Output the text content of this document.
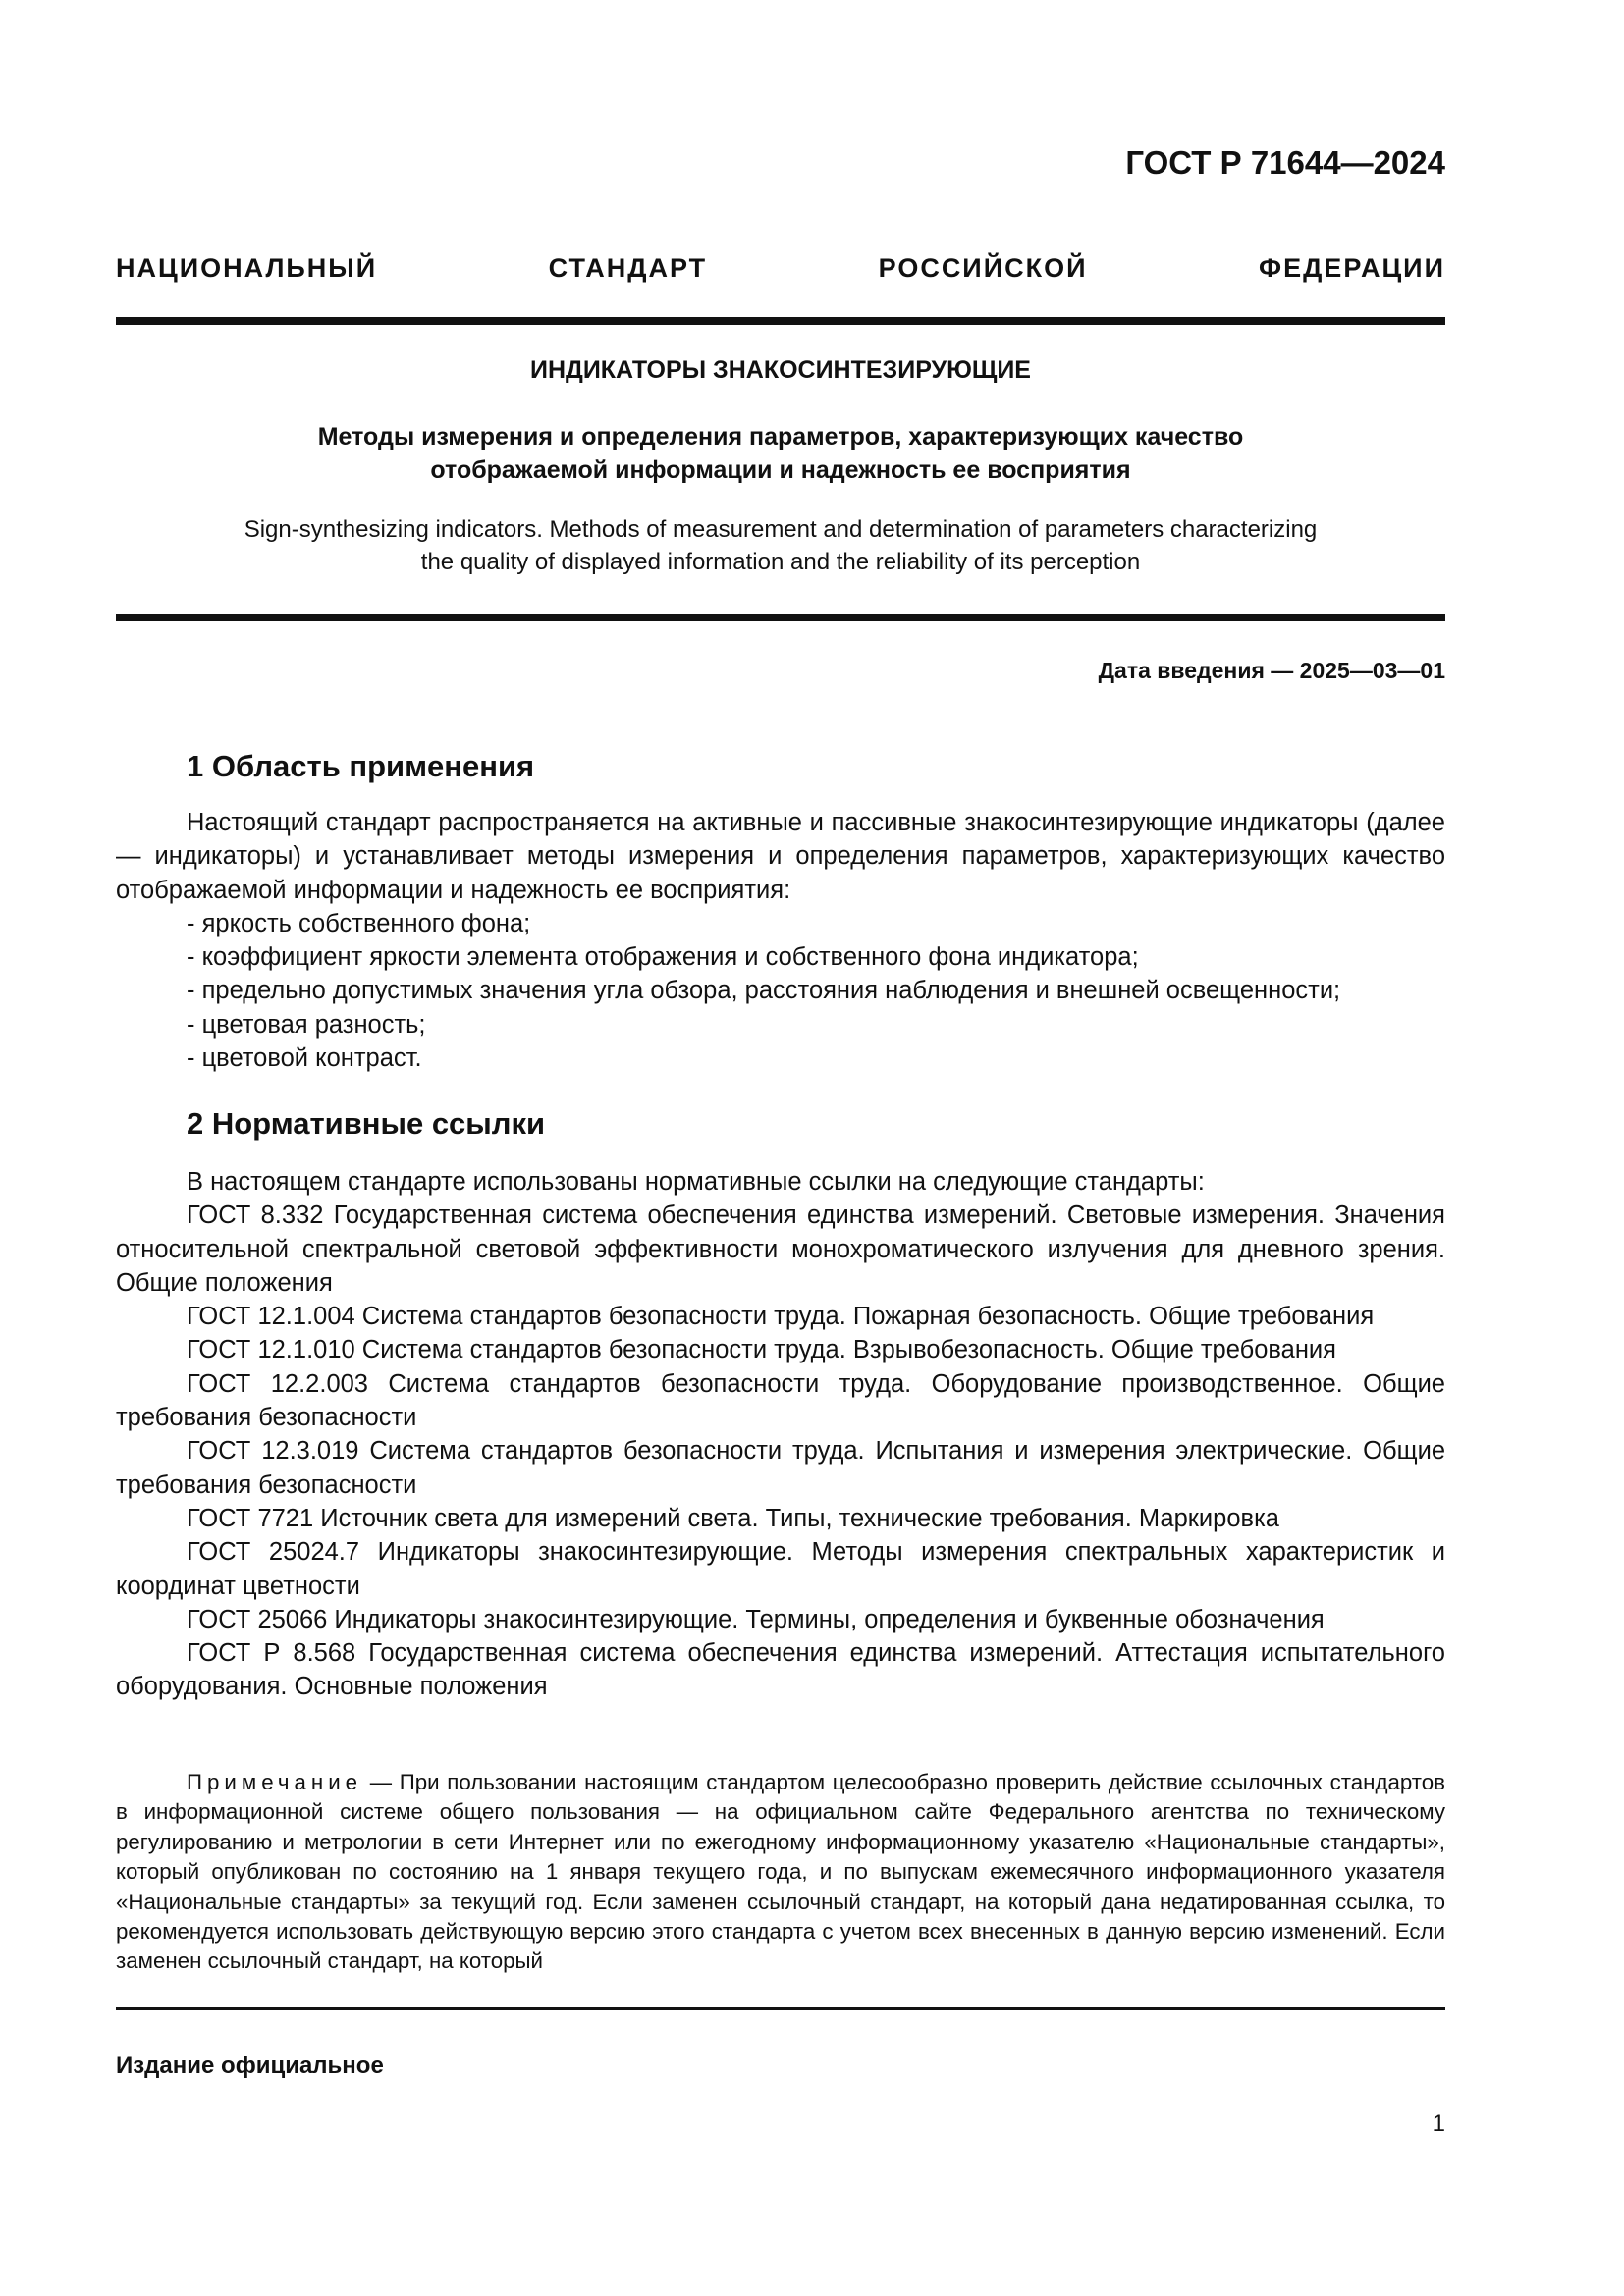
ГОСТ Р 71644—2024
НАЦИОНАЛЬНЫЙ СТАНДАРТ РОССИЙСКОЙ ФЕДЕРАЦИИ
ИНДИКАТОРЫ ЗНАКОСИНТЕЗИРУЮЩИЕ
Методы измерения и определения параметров, характеризующих качество
отображаемой информации и надежность ее восприятия
Sign-synthesizing indicators. Methods of measurement and determination of parameters characterizing
the quality of displayed information and the reliability of its perception
Дата введения — 2025—03—01
1 Область применения

Настоящий стандарт распространяется на активные и пассивные знакосинтезирующие индикаторы (далее — индикаторы) и устанавливает методы измерения и определения параметров, характеризующих качество отображаемой информации и надежность ее восприятия:

- яркость собственного фона;

- коэффициент яркости элемента отображения и собственного фона индикатора;

- предельно допустимых значения угла обзора, расстояния наблюдения и внешней освещенности;

- цветовая разность;

- цветовой контраст.

2 Нормативные ссылки

В настоящем стандарте использованы нормативные ссылки на следующие стандарты:

ГОСТ 8.332 Государственная система обеспечения единства измерений. Световые измерения. Значения относительной спектральной световой эффективности монохроматического излучения для дневного зрения. Общие положения

ГОСТ 12.1.004 Система стандартов безопасности труда. Пожарная безопасность. Общие требования

ГОСТ 12.1.010 Система стандартов безопасности труда. Взрывобезопасность. Общие требования

ГОСТ 12.2.003 Система стандартов безопасности труда. Оборудование производственное. Общие требования безопасности

ГОСТ 12.3.019 Система стандартов безопасности труда. Испытания и измерения электрические. Общие требования безопасности

ГОСТ 7721 Источник света для измерений света. Типы, технические требования. Маркировка

ГОСТ 25024.7 Индикаторы знакосинтезирующие. Методы измерения спектральных характеристик и координат цветности

ГОСТ 25066 Индикаторы знакосинтезирующие. Термины, определения и буквенные обозначения

ГОСТ Р 8.568 Государственная система обеспечения единства измерений. Аттестация испытательного оборудования. Основные положения

Примечание — При пользовании настоящим стандартом целесообразно проверить действие ссылочных стандартов в информационной системе общего пользования — на официальном сайте Федерального агентства по техническому регулированию и метрологии в сети Интернет или по ежегодному информационному указателю «Национальные стандарты», который опубликован по состоянию на 1 января текущего года, и по выпускам ежемесячного информационного указателя «Национальные стандарты» за текущий год. Если заменен ссылочный стандарт, на который дана недатированная ссылка, то рекомендуется использовать действующую версию этого стандарта с учетом всех внесенных в данную версию изменений. Если заменен ссылочный стандарт, на который
Издание официальное
1
